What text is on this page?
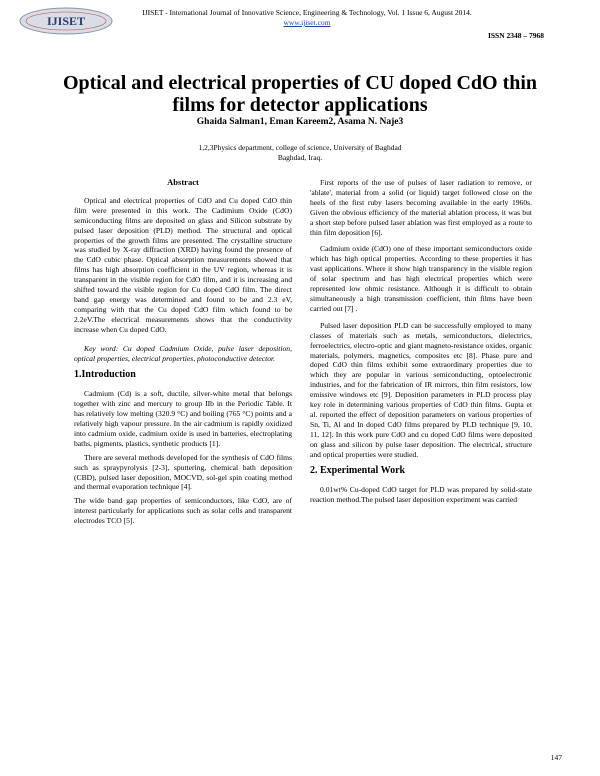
IJISET
IJISET - International Journal of Innovative Science, Engineering & Technology, Vol. 1 Issue 6, August 2014.
www.ijiset.com
ISSN 2348 – 7968
Optical and electrical properties of CU doped CdO thin films for detector applications
Ghaida Salman1, Eman Kareem2, Asama N. Naje3
1,2,3Physics department, college of science, University of Baghdad
Baghdad, Iraq.
Abstract

Optical and electrical properties of CdO and Cu doped CdO thin film were presented in this work. The Cadimium Oxide (CdO) semiconducting films are deposited on glass and Silicon substrate by pulsed laser deposition (PLD) method. The structural and optical properties of the growth films are presented. The crystalline structure was studied by X-ray diffraction (XRD) having found the presence of the CdO cubic phase. Optical absorption measurements showed that films has high absorption coefficient in the UV region, whereas it is transparent in the visible region for CdO film, and it is increasing and shifted toward the visible region for Cu doped CdO film. The direct band gap energy was determined and found to be and 2.3 eV, comparing with that the Cu doped CdO film which found to be 2.2eV.The electrical measurements shows that the conductivity increase when Cu doped CdO.

Key word: Cu doped Cadmium Oxide, pulse laser deposition, optical properties, electrical properties, photoconductive detector.

1.Introduction

Cadmium (Cd) is a soft, ductile, silver-white metal that belongs together with zinc and mercury to group IIb in the Periodic Table. It has relatively low melting (320.9 °C) and boiling (765 °C) points and a relatively high vapour pressure. In the air cadmium is rapidly oxidized into cadmium oxide, cadmium oxide is used in batteries, electroplating baths, pigments, plastics, synthetic products [1].

There are several methods developed for the synthesis of CdO films such as spraypyrolysis [2-3], sputtering, chemical bath deposition (CBD), pulsed laser deposition, MOCVD, sol-gel spin coating method and thermal evaporation technique [4].

The wide band gap properties of semiconductors, like CdO, are of interest particularly for applications such as solar cells and transparent electrodes TCO [5].

First reports of the use of pulses of laser radiation to remove, or 'ablate', material from a solid (or liquid) target followed close on the heels of the first ruby lasers becoming available in the early 1960s. Given the obvious efficiency of the material ablation process, it was but a short step before pulsed laser ablation was first employed as a route to thin film deposition [6].

Cadmium oxide (CdO) one of these important semiconductors oxide which has high optical properties. According to these properties it has vast applications. Where it show high transparency in the visible region of solar spectrum and has high electrical properties which were represented low ohmic resistance. Although it is difficult to obtain simultaneously a high transmission coefficient, thin films have been carried out [7] .

Pulsed laser deposition PLD can be successfully employed to many classes of materials such as metals, semiconductors, dielectrics, ferroelectrics, electro-optic and giant magneto-resistance oxides, organic materials, polymers, magnetics, composites etc [8]. Phase pure and doped CdO thin films exhibit some extraordinary properties due to which they are popular in various semiconducting, optoelectronic industries, and for the fabrication of IR mirrors, thin film resistors, low emissive windows etc [9]. Deposition parameters in PLD process play key role in determining various properties of CdO thin films. Gupta et al. reported the effect of deposition parameters on various properties of Sn, Ti, Al and In doped CdO films prepared by PLD technique [9, 10, 11, 12]. In this work pure CdO and cu doped CdO films were deposited on glass and silicon by pulse laser deposition. The electrical, structure and optical properties were studied.

2. Experimental Work

0.01wt% Cu-doped CdO target for PLD was prepared by solid-state reaction method.The pulsed laser deposition experiment was carried

147
